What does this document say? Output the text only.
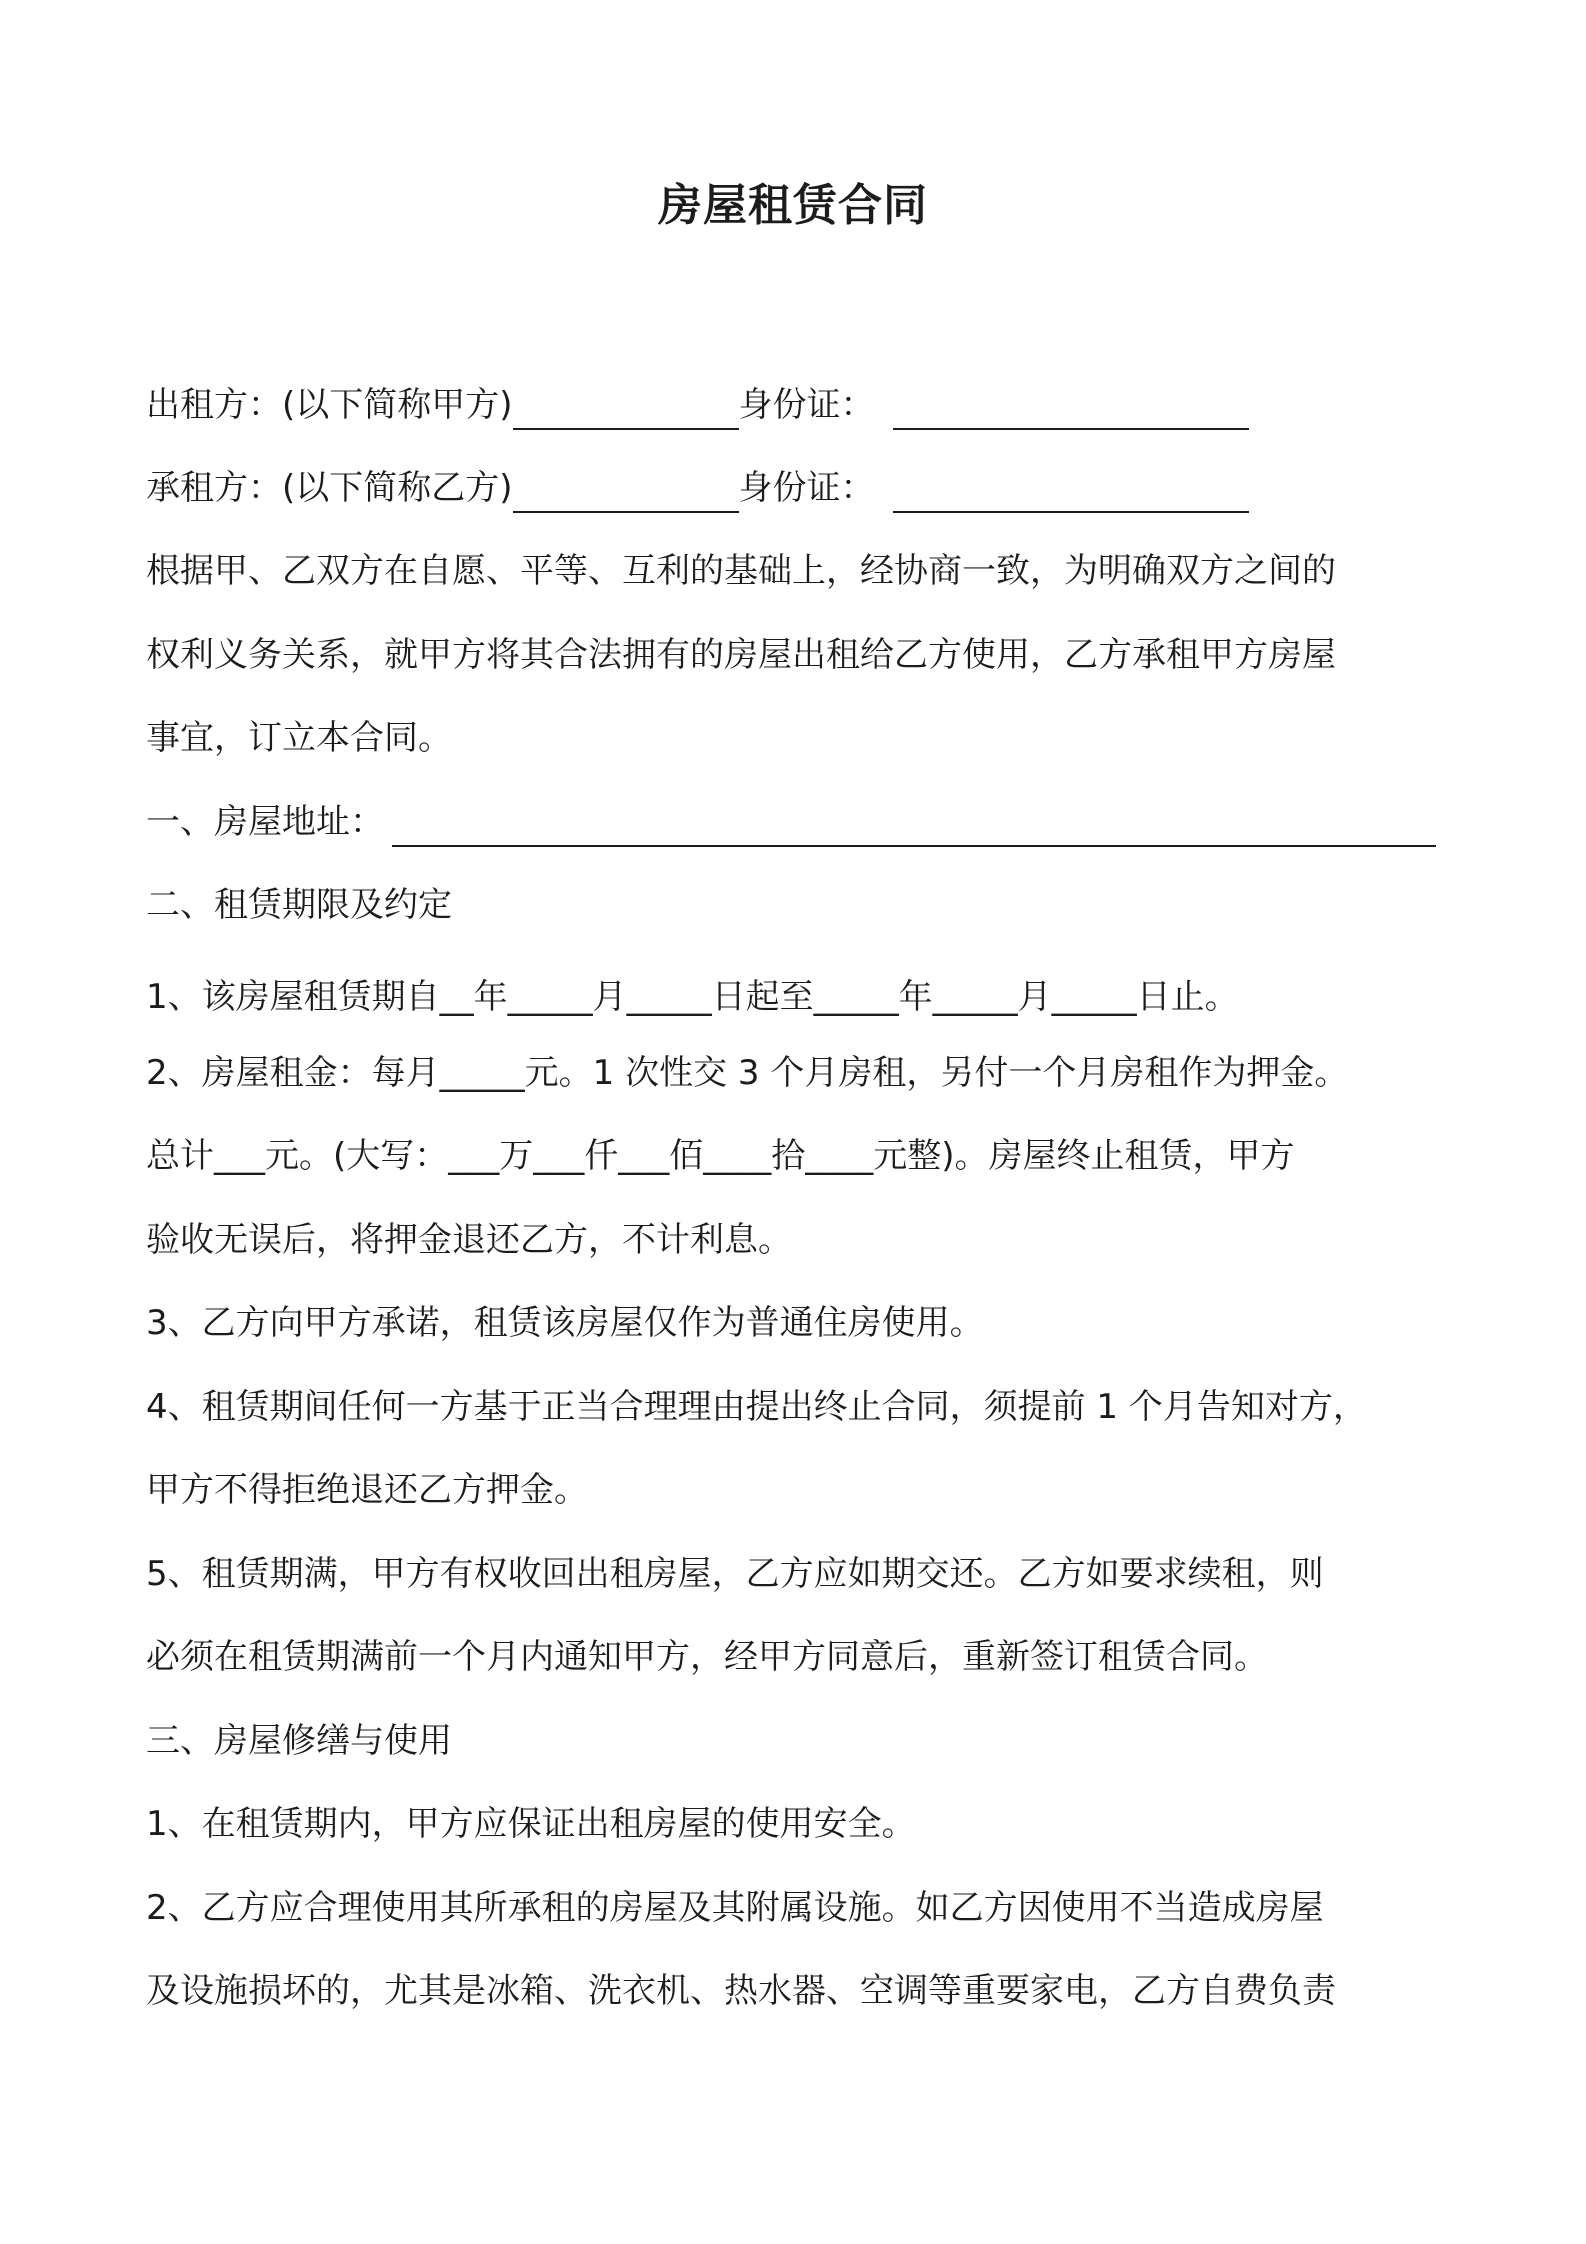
房屋租赁合同
出租方：(以下简称甲方)	身份证：
承租方：(以下简称乙方)	身份证：
根据甲、乙双方在自愿、平等、互利的基础上，经协商一致，为明确双方之间的
权利义务关系，就甲方将其合法拥有的房屋出租给乙方使用，乙方承租甲方房屋
事宜，订立本合同。
一、房屋地址：
二、租赁期限及约定
1、该房屋租赁期自__年_____月_____日起至_____年_____月_____日止。
2、房屋租金：每月_____元。1 次性交 3 个月房租，另付一个月房租作为押金。
总计___元。(大写：___万___仟___佰____拾____元整)。房屋终止租赁，甲方
验收无误后，将押金退还乙方，不计利息。
3、乙方向甲方承诺，租赁该房屋仅作为普通住房使用。
4、租赁期间任何一方基于正当合理理由提出终止合同，须提前 1 个月告知对方，
甲方不得拒绝退还乙方押金。
5、租赁期满，甲方有权收回出租房屋，乙方应如期交还。乙方如要求续租，则
必须在租赁期满前一个月内通知甲方，经甲方同意后，重新签订租赁合同。
三、房屋修缮与使用
1、在租赁期内，甲方应保证出租房屋的使用安全。
2、乙方应合理使用其所承租的房屋及其附属设施。如乙方因使用不当造成房屋
及设施损坏的，尤其是冰箱、洗衣机、热水器、空调等重要家电，乙方自费负责
